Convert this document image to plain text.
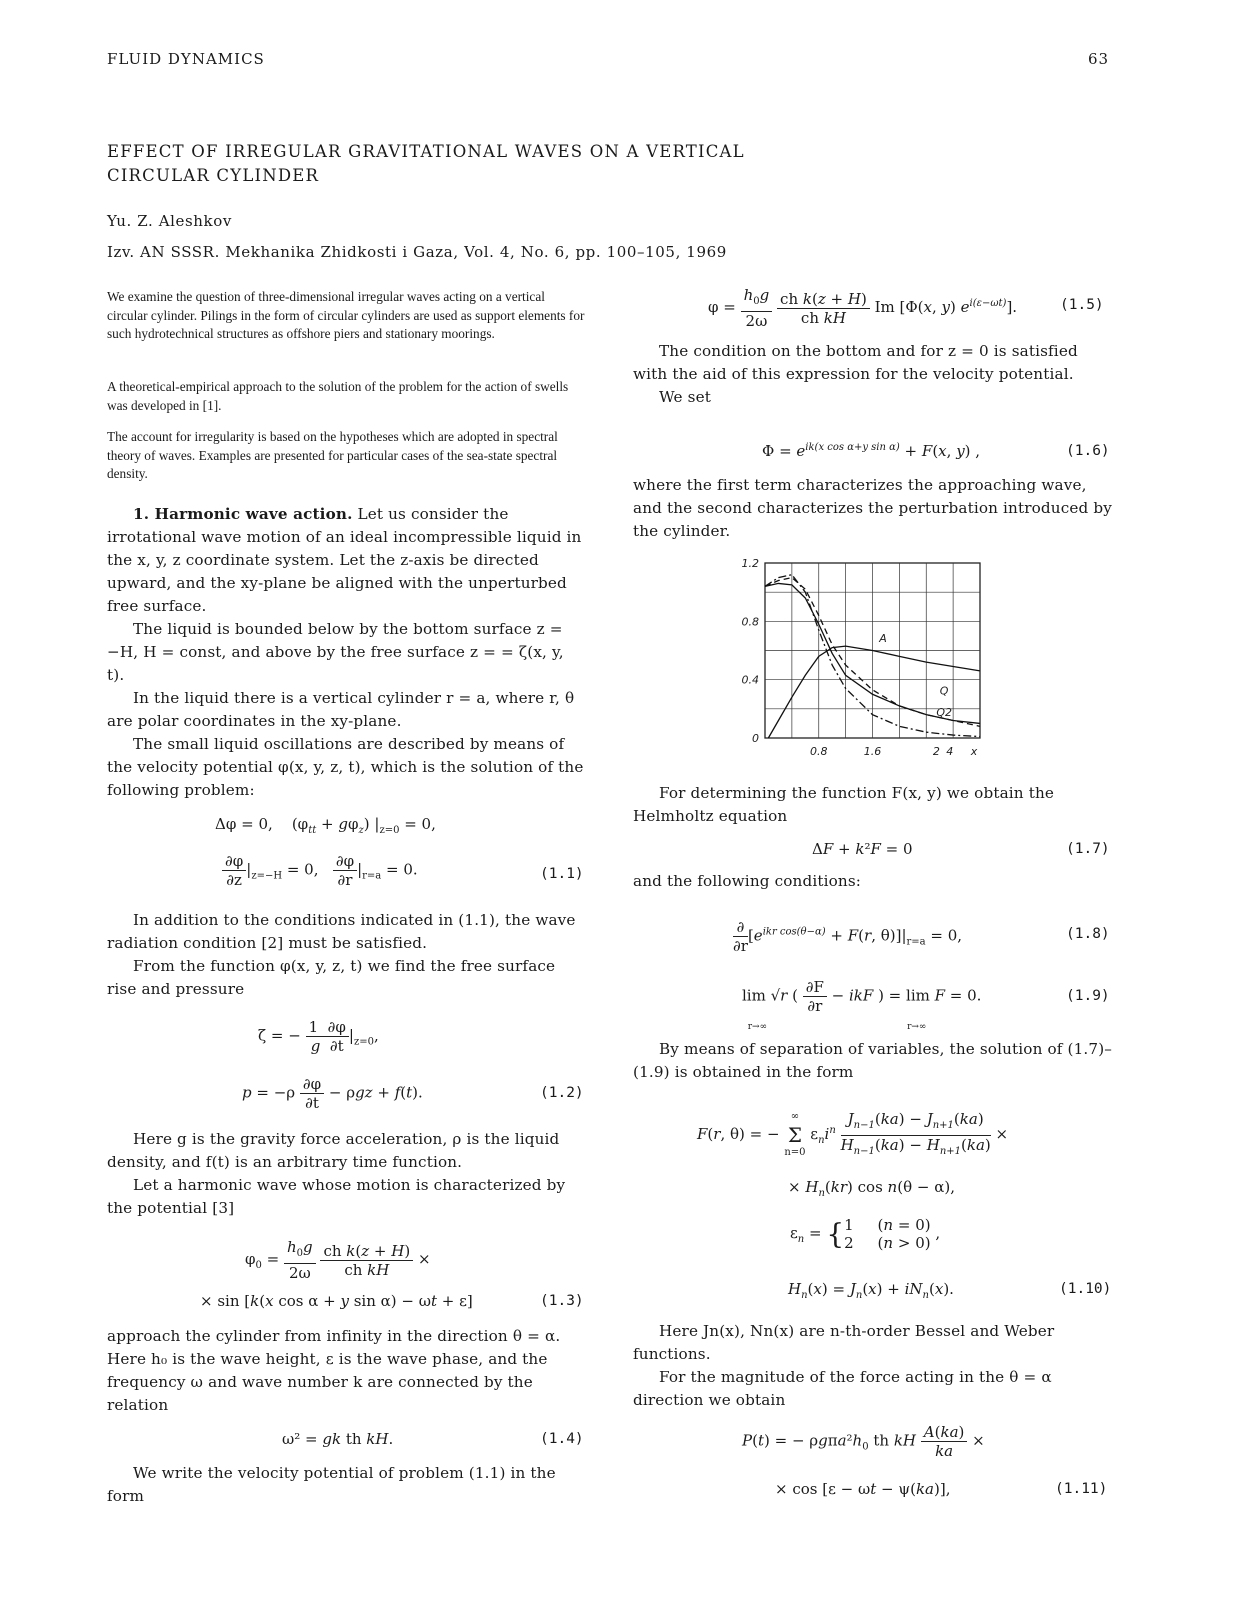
FLUID DYNAMICS	63
EFFECT OF IRREGULAR GRAVITATIONAL WAVES ON A VERTICAL CIRCULAR CYLINDER
Yu. Z. Aleshkov
Izv. AN SSSR. Mekhanika Zhidkosti i Gaza, Vol. 4, No. 6, pp. 100–105, 1969
We examine the question of three-dimensional irregular waves acting on a vertical circular cylinder. Pilings in the form of circular cylinders are used as support elements for such hydrotechnical structures as offshore piers and stationary moorings.
A theoretical-empirical approach to the solution of the problem for the action of swells was developed in [1].
The account for irregularity is based on the hypotheses which are adopted in spectral theory of waves. Examples are presented for particular cases of the sea-state spectral density.

1. Harmonic wave action. Let us consider the irrotational wave motion of an ideal incompressible liquid in the x, y, z coordinate system. Let the z-axis be directed upward, and the xy-plane be aligned with the unperturbed free surface.

The liquid is bounded below by the bottom surface z = −H, H = const, and above by the free surface z = = ζ(x, y, t).

In the liquid there is a vertical cylinder r = a, where r, θ are polar coordinates in the xy-plane.

The small liquid oscillations are described by means of the velocity potential φ(x, y, z, t), which is the solution of the following problem:

Δφ = 0,    $(\varphi_{tt} + g\varphi_z) |_{z=0} = 0$,
$\frac{\partial\varphi}{\partial z} |_{z=-H} = 0$, $\frac{\partial\varphi}{\partial r} |_{r=a} = 0$.	(1.1)

In addition to the conditions indicated in (1.1), the wave radiation condition [2] must be satisfied.

From the function φ(x, y, z, t) we find the free surface rise and pressure

ζ = − $\frac{1 \partial\varphi}{g \partial t} |_{z=0}$,
$p = -\rho \frac{\partial\varphi}{\partial t} - \rho gz + f(t)$.	(1.2)

Here g is the gravity force acceleration, ρ is the liquid density, and f(t) is an arbitrary time function.

Let a harmonic wave whose motion is characterized by the potential [3]

$\varphi_0 = \frac{h_0g}{2\omega}$
$\frac{\text{ch k(z + H)}}{\text{ch kH}}$ ×
× sin [k(x cos α + y sin α) − ωt + ε]	(1.3)
approach the cylinder from infinity in the direction θ = α. Here h₀ is the wave height, ε is the wave phase, and the frequency ω and wave number k are connected by the relation
ω² = gk th kH.	(1.4)
We write the velocity potential of problem (1.1) in the form
$\varphi = \frac{h_0g}{2\omega}$
$\frac{\text{ch k(z + H)}}{\text{ch kH}}$ Im [Φ(x, y) $e^{i(\varepsilon-\omega t)}$].	(1.5)

The condition on the bottom and for z = 0 is satisfied with the aid of this expression for the velocity potential.

We set

$\Phi = e^{ik(x cos \alpha+y sin \alpha)} + F(x$, y) ,	(1.6)
where the first term characterizes the approaching wave, and the second characterizes the perturbation introduced by the cylinder.
0
0.4
0.8
1.2
0.8	1.6	2 4 x
A
Q
Q2
For determining the function F(x, y) we obtain the Helmholtz equation
ΔF + k²F = 0	(1.7)
and the following conditions:
$\frac{\partial}{\partial r} [e^{ikr cos(\theta-\alpha)} + F(r$, $\theta)]|_{r=a} = 0$,	(1.8)
lim √r ( $\frac{\partial F}{\partial r}$ − ikF ) = lim F = 0.
r→∞	r→∞
(1.9)
By means of separation of variables, the solution of (1.7)–(1.9) is obtained in the form
F(r, θ) = −
∞
Σ
n=0
$\varepsilon_ni^n \frac{J_{n-1}(ka) - J_{n+1}(ka)}{H_{n-1}(ka) - H_{n+1}(ka)}$ ×
× $H_n(kr)$ cos n(θ − α),
$\varepsilon_n$ = { 1     (n = 0)
2     (n > 0)
,
$H_n(x) = J_n(x) + iN_n(x)$.	(1.10)

Here Jn(x), Nn(x) are n-th-order Bessel and Weber functions.

For the magnitude of the force acting in the θ = α direction we obtain

P(t) = − $\rho g\pi a^2h_0$ th kH $\frac{A(ka)}{ka}$ ×
× cos [ε − ωt − ψ(ka)],	(1.11)
